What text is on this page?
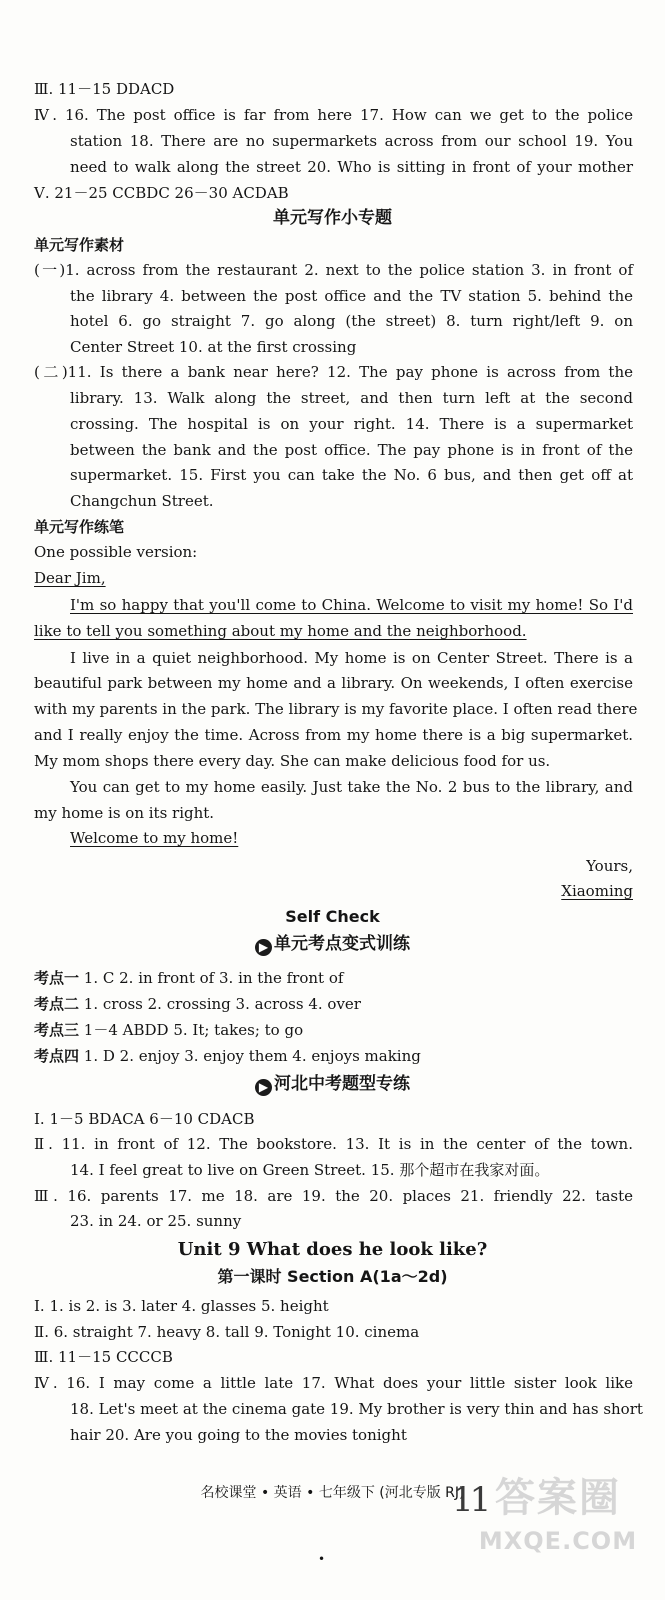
Ⅲ. 11－15 DDACD
Ⅳ. 16. The post office is far from here 17. How can we get to the police
station 18. There are no supermarkets across from our school 19. You
need to walk along the street 20. Who is sitting in front of your mother
Ⅴ. 21－25 CCBDC 26－30 ACDAB
单元写作小专题
单元写作素材
(一)1. across from the restaurant 2. next to the police station 3. in front of
the library 4. between the post office and the TV station 5. behind the
hotel 6. go straight 7. go along (the street) 8. turn right/left 9. on
Center Street 10. at the first crossing
(二)11. Is there a bank near here? 12. The pay phone is across from the
library. 13. Walk along the street, and then turn left at the second
crossing. The hospital is on your right. 14. There is a supermarket
between the bank and the post office. The pay phone is in front of the
supermarket. 15. First you can take the No. 6 bus, and then get off at
Changchun Street.
单元写作练笔
One possible version:
Dear Jim,
I'm so happy that you'll come to China. Welcome to visit my home! So I'd
like to tell you something about my home and the neighborhood.
I live in a quiet neighborhood. My home is on Center Street. There is a
beautiful park between my home and a library. On weekends, I often exercise
with my parents in the park. The library is my favorite place. I often read there
and I really enjoy the time. Across from my home there is a big supermarket.
My mom shops there every day. She can make delicious food for us.
You can get to my home easily. Just take the No. 2 bus to the library, and
my home is on its right.
Welcome to my home!
Yours,
Xiaoming
Self Check
▶ 单元考点变式训练
考点一 1. C 2. in front of 3. in the front of
考点二 1. cross 2. crossing 3. across 4. over
考点三 1－4 ABDD 5. It; takes; to go
考点四 1. D 2. enjoy 3. enjoy them 4. enjoys making
▶ 河北中考题型专练
Ⅰ. 1－5 BDACA 6－10 CDACB
Ⅱ. 11. in front of 12. The bookstore. 13. It is in the center of the town.
14. I feel great to live on Green Street. 15. 那个超市在我家对面。
Ⅲ. 16. parents 17. me 18. are 19. the 20. places 21. friendly 22. taste
23. in 24. or 25. sunny
Unit 9 What does he look like?
第一课时 Section A(1a～2d)
Ⅰ. 1. is 2. is 3. later 4. glasses 5. height
Ⅱ. 6. straight 7. heavy 8. tall 9. Tonight 10. cinema
Ⅲ. 11－15 CCCCB
Ⅳ. 16. I may come a little late 17. What does your little sister look like
18. Let's meet at the cinema gate 19. My brother is very thin and has short
hair 20. Are you going to the movies tonight
名校课堂 • 英语 • 七年级下 (河北专版 RJ)
11 答案圈
MXQE.COM
•
